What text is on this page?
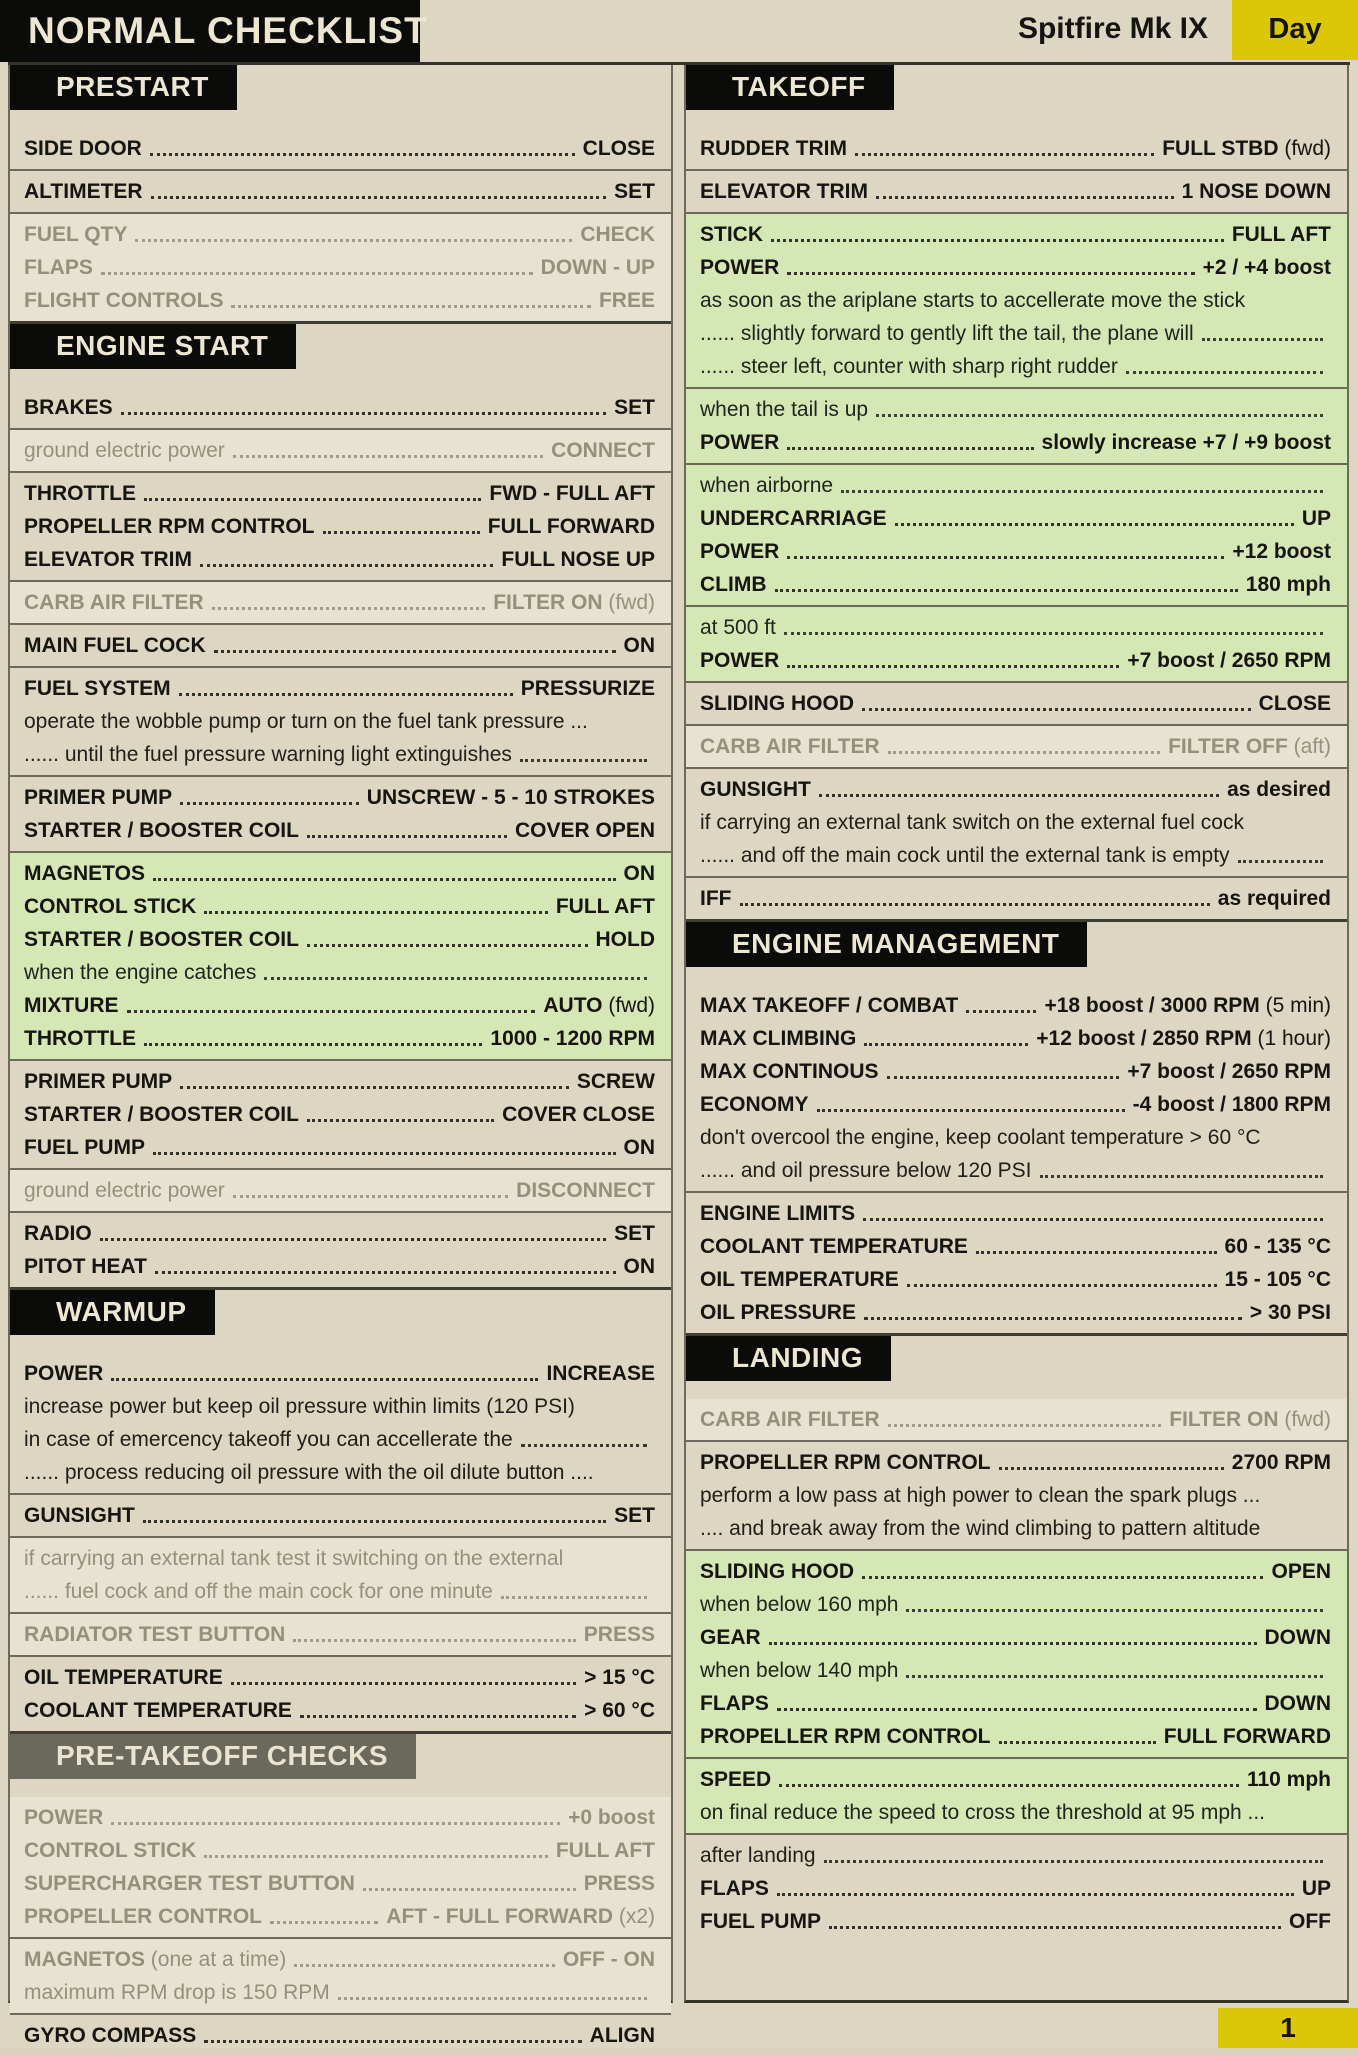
NORMAL CHECKLIST	Spitfire Mk IX	Day
PRESTART
SIDE DOOR	CLOSE
ALTIMETER	SET
FUEL QTY	CHECK
FLAPS	DOWN - UP
FLIGHT CONTROLS	FREE
ENGINE START
BRAKES	SET
ground electric power	CONNECT
THROTTLE	FWD - FULL AFT
PROPELLER RPM CONTROL	FULL FORWARD
ELEVATOR TRIM	FULL NOSE UP
CARB AIR FILTER	FILTER ON (fwd)
MAIN FUEL COCK	ON
FUEL SYSTEM	PRESSURIZE
operate the wobble pump or turn on the fuel tank pressure ...
...... until the fuel pressure warning light extinguishes
PRIMER PUMP	UNSCREW - 5 - 10 STROKES
STARTER / BOOSTER COIL	COVER OPEN
MAGNETOS	ON
CONTROL STICK	FULL AFT
STARTER / BOOSTER COIL	HOLD
when the engine catches
MIXTURE	AUTO (fwd)
THROTTLE	1000 - 1200 RPM
PRIMER PUMP	SCREW
STARTER / BOOSTER COIL	COVER CLOSE
FUEL PUMP	ON
ground electric power	DISCONNECT
RADIO	SET
PITOT HEAT	ON
WARMUP
POWER	INCREASE
increase power but keep oil pressure within limits (120 PSI)
in case of emercency takeoff you can accellerate the
...... process reducing oil pressure with the oil dilute button ....
GUNSIGHT	SET
if carrying an external tank test it switching on the external
...... fuel cock and off the main cock for one minute
RADIATOR TEST BUTTON	PRESS
OIL TEMPERATURE	> 15 °C
COOLANT TEMPERATURE	> 60 °C
PRE-TAKEOFF CHECKS
POWER	+0 boost
CONTROL STICK	FULL AFT
SUPERCHARGER TEST BUTTON	PRESS
PROPELLER CONTROL	AFT - FULL FORWARD (x2)
MAGNETOS (one at a time)	OFF - ON
maximum RPM drop is 150 RPM
GYRO COMPASS	ALIGN
TAKEOFF
RUDDER TRIM	FULL STBD (fwd)
ELEVATOR TRIM	1 NOSE DOWN
STICK	FULL AFT
POWER	+2 / +4 boost
as soon as the ariplane starts to accellerate move the stick
...... slightly forward to gently lift the tail, the plane will
...... steer left, counter with sharp right rudder
when the tail is up
POWER	slowly increase +7 / +9 boost
when airborne
UNDERCARRIAGE	UP
POWER	+12 boost
CLIMB	180 mph
at 500 ft
POWER	+7 boost / 2650 RPM
SLIDING HOOD	CLOSE
CARB AIR FILTER	FILTER OFF (aft)
GUNSIGHT	as desired
if carrying an external tank switch on the external fuel cock
...... and off the main cock until the external tank is empty
IFF	as required
ENGINE MANAGEMENT
MAX TAKEOFF / COMBAT	+18 boost / 3000 RPM (5 min)
MAX CLIMBING	+12 boost / 2850 RPM (1 hour)
MAX CONTINOUS	+7 boost / 2650 RPM
ECONOMY	-4 boost / 1800 RPM
don't overcool the engine, keep coolant temperature > 60 °C
...... and oil pressure below 120 PSI
ENGINE LIMITS
COOLANT TEMPERATURE	60 - 135 °C
OIL TEMPERATURE	15 - 105 °C
OIL PRESSURE	> 30 PSI
LANDING
CARB AIR FILTER	FILTER ON (fwd)
PROPELLER RPM CONTROL	2700 RPM
perform a low pass at high power to clean the spark plugs ...
.... and break away from the wind climbing to pattern altitude
SLIDING HOOD	OPEN
when below 160 mph
GEAR	DOWN
when below 140 mph
FLAPS	DOWN
PROPELLER RPM CONTROL	FULL FORWARD
SPEED	110 mph
on final reduce the speed to cross the threshold at 95 mph ...
after landing
FLAPS	UP
FUEL PUMP	OFF
1
